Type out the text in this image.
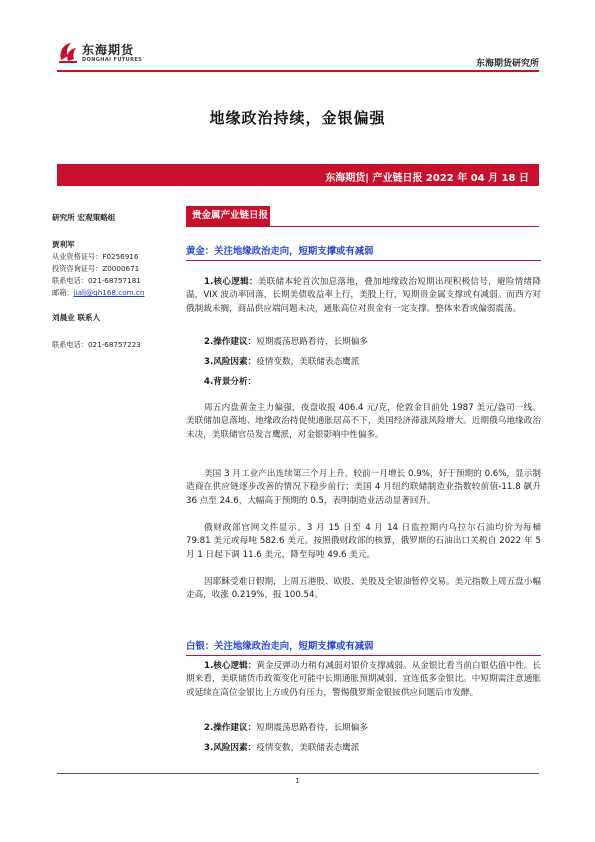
东海期货
DONGHAI FUTURES	东海期货研究所
地缘政治持续，金银偏强
东海期货| 产业链日报 2022 年 04 月 18 日
研究所 宏观策略组
贾利军
从业资格证号：F0256916
投资咨询证号：Z0000671
联系电话：021-68757181
邮箱：jialj@qh168.com.cn
刘晨业 联系人
联系电话：021-68757223
贵金属产业链日报
黄金：关注地缘政治走向，短期支撑或有减弱
1.核心逻辑：美联储本轮首次加息落地，叠加地缘政治短期出现积极信号，避险情绪降温，VIX 波动率回落，长期美债收益率上行，美股上行，短期贵金属支撑或有减弱。而西方对俄制裁未搁，商品供应端问题未决，通胀高位对贵金有一定支撑。整体来看或偏弱震荡。
2.操作建议：短期震荡思路看待，长期偏多
3.风险因素：疫情变数，美联储表态鹰派
4.背景分析：
周五内盘黄金主力偏强，夜盘收报 406.4 元/克，伦敦金目前处 1987 美元/盎司一线。美联储加息落地、地缘政治持促使通胀居高不下，美国经济滞涨风险增大。近期俄乌地缘政治未决，美联储官员发言鹰派，对金银影响中性偏多。
美国 3 月工业产出连续第三个月上升，较前一月增长 0.9%，好于预期的 0.6%，显示制造商在供应链逐步改善的情况下稳步前行；美国 4 月纽约联储制造业指数较前值-11.8 飙升 36 点至 24.6，大幅高于预期的 0.5，表明制造业活动显著回升。
俄财政部官网文件显示，3 月 15 日至 4 月 14 日监控期内乌拉尔石油均价为每桶 79.81 美元或每吨 582.6 美元。按照俄财政部的核算，俄罗斯的石油出口关税自 2022 年 5 月 1 日起下调 11.6 美元，降至每吨 49.6 美元。
因耶稣受难日假期，上周五港股、欧股、美股及全银油暂停交易。美元指数上周五盘小幅走高，收涨 0.219%，报 100.54。
白银：关注地缘政治走向，短期支撑或有减弱
1.核心逻辑：黄金反弹动力稍有减弱对银价支撑减弱。从金银比看当前白银估值中性。长期来看，美联储货币政策变化可能中长期通胀预期减弱，宜连低多金银比。中短期需注意通胀或延续在高位金银比上方或仍有压力，警惕俄罗斯金银铵供应问题后市发酵。
2.操作建议：短期震荡思路看待，长期偏多
3.风险因素：疫情变数，美联储表态鹰派
1
